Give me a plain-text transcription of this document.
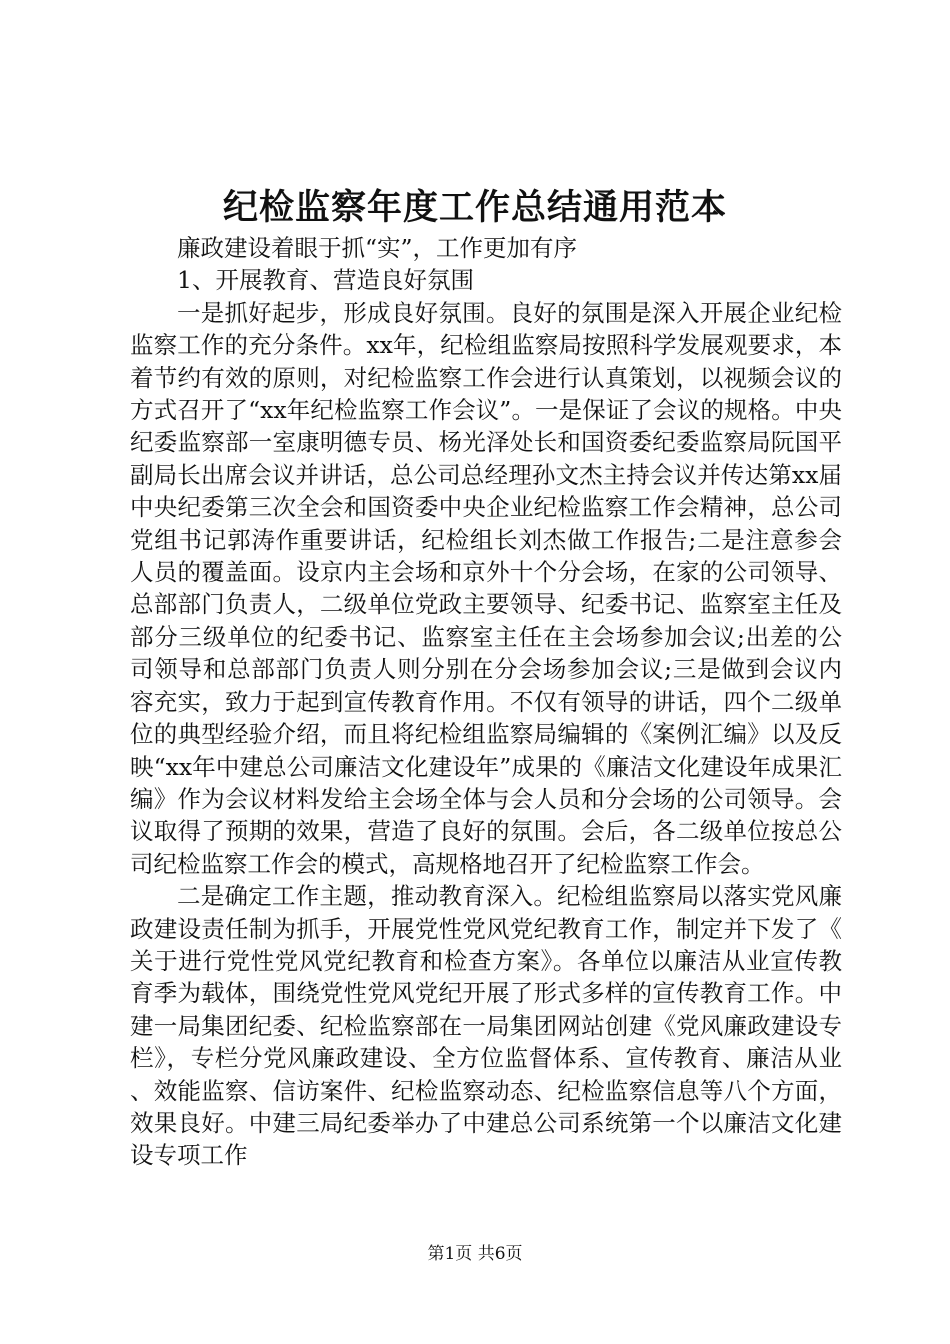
纪检监察年度工作总结通用范本

廉政建设着眼于抓“实”，工作更加有序

1、开展教育、营造良好氛围

一是抓好起步，形成良好氛围。良好的氛围是深入开展企业纪检监察工作的充分条件。xx年，纪检组监察局按照科学发展观要求，本着节约有效的原则，对纪检监察工作会进行认真策划，以视频会议的方式召开了“xx年纪检监察工作会议”。一是保证了会议的规格。中央纪委监察部一室康明德专员、杨光泽处长和国资委纪委监察局阮国平副局长出席会议并讲话，总公司总经理孙文杰主持会议并传达第xx届中央纪委第三次全会和国资委中央企业纪检监察工作会精神，总公司党组书记郭涛作重要讲话，纪检组长刘杰做工作报告;二是注意参会人员的覆盖面。设京内主会场和京外十个分会场，在家的公司领导、总部部门负责人，二级单位党政主要领导、纪委书记、监察室主任及部分三级单位的纪委书记、监察室主任在主会场参加会议;出差的公司领导和总部部门负责人则分别在分会场参加会议;三是做到会议内容充实，致力于起到宣传教育作用。不仅有领导的讲话，四个二级单位的典型经验介绍，而且将纪检组监察局编辑的《案例汇编》以及反映“xx年中建总公司廉洁文化建设年”成果的《廉洁文化建设年成果汇编》作为会议材料发给主会场全体与会人员和分会场的公司领导。会议取得了预期的效果，营造了良好的氛围。会后，各二级单位按总公司纪检监察工作会的模式，高规格地召开了纪检监察工作会。

二是确定工作主题，推动教育深入。纪检组监察局以落实党风廉政建设责任制为抓手，开展党性党风党纪教育工作，制定并下发了《关于进行党性党风党纪教育和检查方案》。各单位以廉洁从业宣传教育季为载体，围绕党性党风党纪开展了形式多样的宣传教育工作。中建一局集团纪委、纪检监察部在一局集团网站创建《党风廉政建设专栏》，专栏分党风廉政建设、全方位监督体系、宣传教育、廉洁从业、效能监察、信访案件、纪检监察动态、纪检监察信息等八个方面，效果良好。中建三局纪委举办了中建总公司系统第一个以廉洁文化建设专项工作

第1页 共6页
